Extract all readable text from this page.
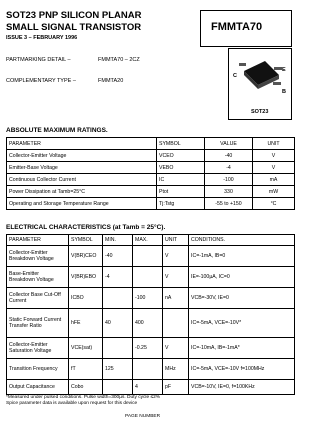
SOT23 PNP SILICON PLANAR
SMALL SIGNAL TRANSISTOR
ISSUE 3 – FEBRUARY 1996
FMMTA70
PARTMARKING DETAIL –	FMMTA70 – 2CZ
COMPLEMENTARY TYPE –	FMMTA20
C
E
B
SOT23
ABSOLUTE MAXIMUM RATINGS.
PARAMETER	SYMBOL	VALUE	UNIT
Collector-Emitter Voltage	VCEO	-40	V
Emitter-Base Voltage	VEBO	-4	V
Continuous Collector Current	IC	-100	mA
Power Dissipation at Tamb=25°C	Ptot	330	mW
Operating and Storage Temperature Range	Tj:Tstg	-55 to +150	°C
ELECTRICAL CHARACTERISTICS (at Tamb = 25°C).
PARAMETER	SYMBOL	MIN.	MAX.	UNIT	CONDITIONS.
Collector-Emitter Breakdown Voltage	V(BR)CEO	-40		V	IC=-1mA, IB=0
Base-Emitter Breakdown Voltage	V(BR)EBO	-4		V	IE=-100µA, IC=0
Collector Base Cut-Off Current	ICBO		-100	nA	VCB=-30V, IE=0
Static Forward Current Transfer Ratio	hFE	40	400		IC=-5mA, VCE=-10V*
Collector-Emitter Saturation Voltage	VCE(sat)		-0.25	V	IC=-10mA, IB=-1mA*
Transition Frequency	fT	125		MHz	IC=-5mA, VCE=-10V f=100MHz
Output Capacitance	Cobo		4	pF	VCB=-10V, IE=0, f=100KHz
*Measured under pulsed conditions. Pulse width=300µs. Duty cycle ≤2%
Spice parameter data is available upon request for this device
PAGE NUMBER
